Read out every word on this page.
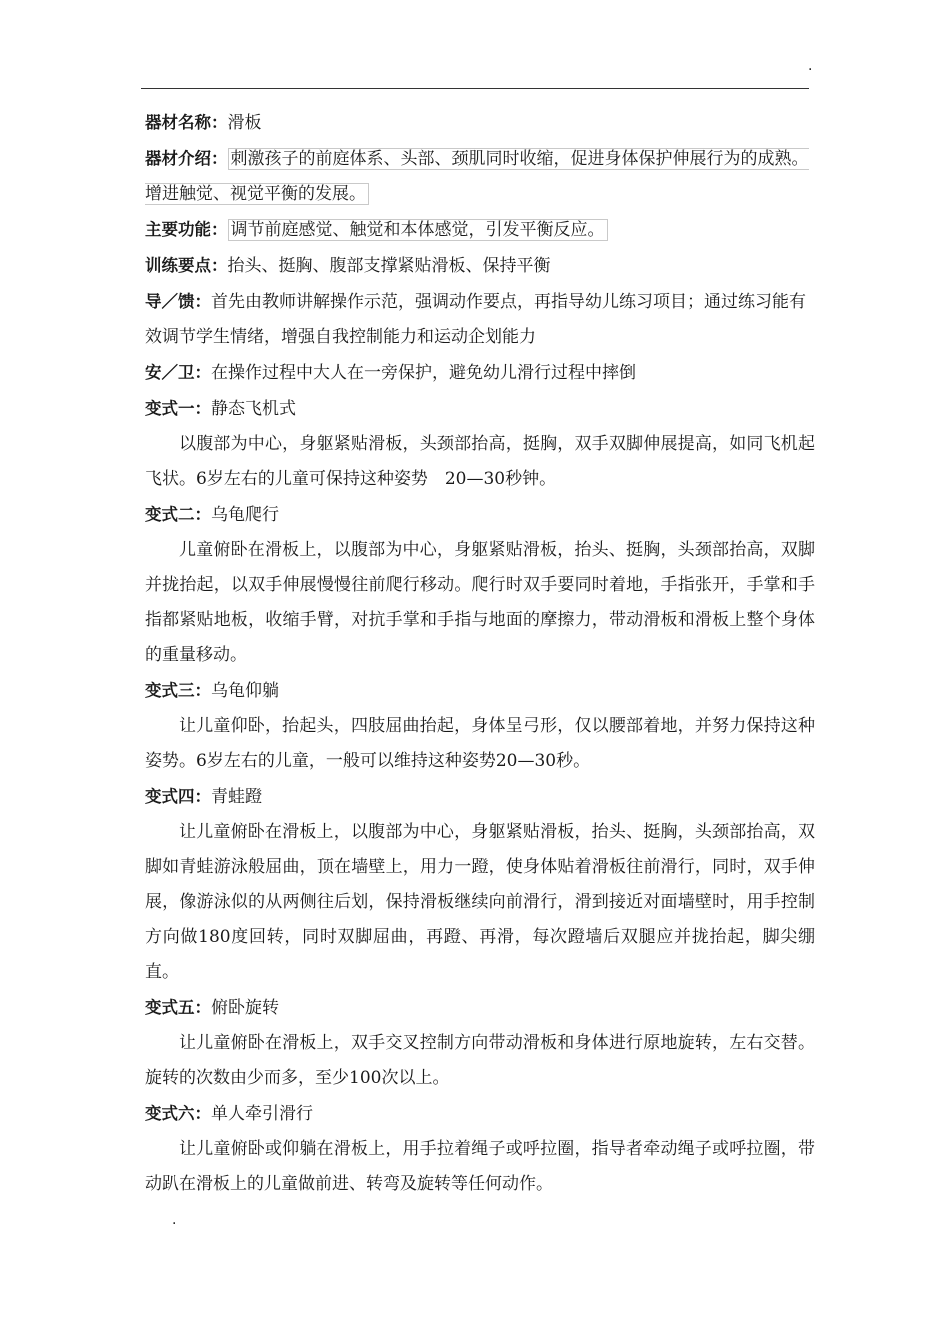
.

器材名称：滑板

器材介绍： 刺激孩子的前庭体系、头部、颈肌同时收缩，促进身体保护伸展行为的成熟。增进触觉、视觉平衡的发展。

主要功能： 调节前庭感觉、触觉和本体感觉，引发平衡反应。

训练要点：抬头、挺胸、腹部支撑紧贴滑板、保持平衡

导／馈：首先由教师讲解操作示范，强调动作要点，再指导幼儿练习项目；通过练习能有效调节学生情绪，增强自我控制能力和运动企划能力

安／卫：在操作过程中大人在一旁保护，避免幼儿滑行过程中摔倒

变式一：静态飞机式

以腹部为中心，身躯紧贴滑板，头颈部抬高，挺胸，双手双脚伸展提高，如同飞机起飞状。6岁左右的儿童可保持这种姿势　20—30秒钟。

变式二：乌龟爬行

儿童俯卧在滑板上，以腹部为中心，身躯紧贴滑板，抬头、挺胸，头颈部抬高，双脚并拢抬起，以双手伸展慢慢往前爬行移动。爬行时双手要同时着地，手指张开，手掌和手指都紧贴地板，收缩手臂，对抗手掌和手指与地面的摩擦力，带动滑板和滑板上整个身体的重量移动。

变式三：乌龟仰躺

让儿童仰卧，抬起头，四肢屈曲抬起，身体呈弓形，仅以腰部着地，并努力保持这种姿势。6岁左右的儿童，一般可以维持这种姿势20—30秒。

变式四：青蛙蹬

让儿童俯卧在滑板上，以腹部为中心，身躯紧贴滑板，抬头、挺胸，头颈部抬高，双脚如青蛙游泳般屈曲，顶在墙壁上，用力一蹬，使身体贴着滑板往前滑行，同时，双手伸展，像游泳似的从两侧往后划，保持滑板继续向前滑行，滑到接近对面墙壁时，用手控制方向做180度回转，同时双脚屈曲，再蹬、再滑，每次蹬墙后双腿应并拢抬起，脚尖绷直。

变式五：俯卧旋转

让儿童俯卧在滑板上，双手交叉控制方向带动滑板和身体进行原地旋转，左右交替。旋转的次数由少而多，至少100次以上。

变式六：单人牵引滑行

让儿童俯卧或仰躺在滑板上，用手拉着绳子或呼拉圈，指导者牵动绳子或呼拉圈，带动趴在滑板上的儿童做前进、转弯及旋转等任何动作。

.
